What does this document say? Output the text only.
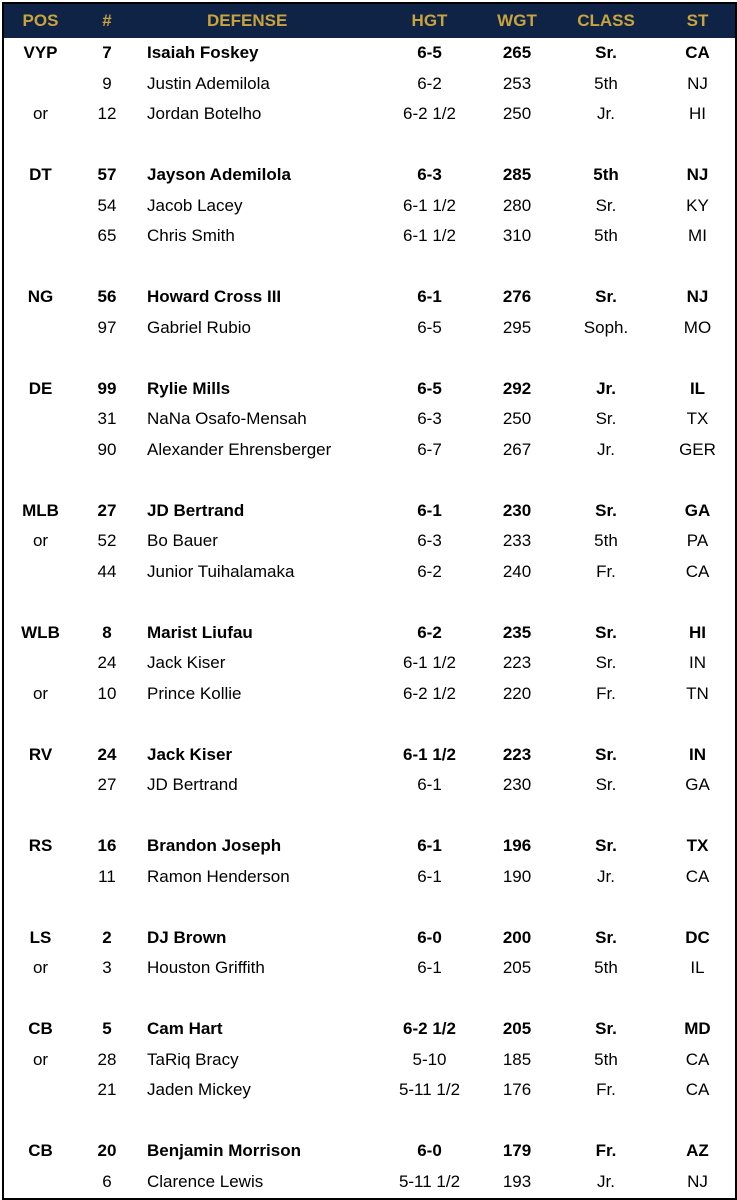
POS	#	DEFENSE	HGT	WGT	CLASS	ST
VYP	7	Isaiah Foskey	6-5	265	Sr.	CA
	9	Justin Ademilola	6-2	253	5th	NJ
or	12	Jordan Botelho	6-2 1/2	250	Jr.	HI

DT	57	Jayson Ademilola	6-3	285	5th	NJ
	54	Jacob Lacey	6-1 1/2	280	Sr.	KY
	65	Chris Smith	6-1 1/2	310	5th	MI

NG	56	Howard Cross III	6-1	276	Sr.	NJ
	97	Gabriel Rubio	6-5	295	Soph.	MO

DE	99	Rylie Mills	6-5	292	Jr.	IL
	31	NaNa Osafo-Mensah	6-3	250	Sr.	TX
	90	Alexander Ehrensberger	6-7	267	Jr.	GER

MLB	27	JD Bertrand	6-1	230	Sr.	GA
or	52	Bo Bauer	6-3	233	5th	PA
	44	Junior Tuihalamaka	6-2	240	Fr.	CA

WLB	8	Marist Liufau	6-2	235	Sr.	HI
	24	Jack Kiser	6-1 1/2	223	Sr.	IN
or	10	Prince Kollie	6-2 1/2	220	Fr.	TN

RV	24	Jack Kiser	6-1 1/2	223	Sr.	IN
	27	JD Bertrand	6-1	230	Sr.	GA

RS	16	Brandon Joseph	6-1	196	Sr.	TX
	11	Ramon Henderson	6-1	190	Jr.	CA

LS	2	DJ Brown	6-0	200	Sr.	DC
or	3	Houston Griffith	6-1	205	5th	IL

CB	5	Cam Hart	6-2 1/2	205	Sr.	MD
or	28	TaRiq Bracy	5-10	185	5th	CA
	21	Jaden Mickey	5-11 1/2	176	Fr.	CA

CB	20	Benjamin Morrison	6-0	179	Fr.	AZ
	6	Clarence Lewis	5-11 1/2	193	Jr.	NJ
